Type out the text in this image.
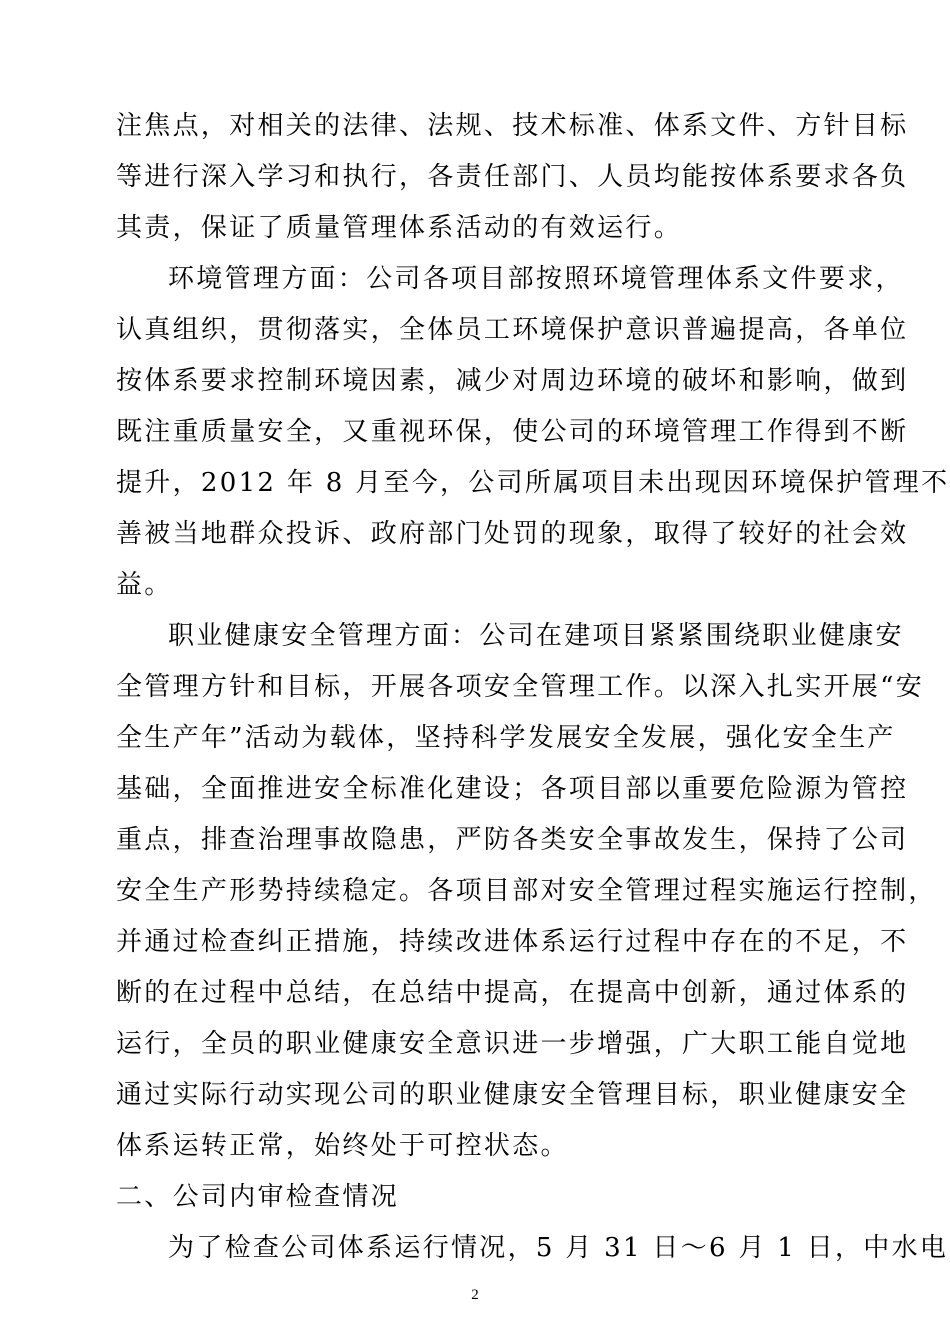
注焦点，对相关的法律、法规、技术标准、体系文件、方针目标
等进行深入学习和执行，各责任部门、人员均能按体系要求各负
其责，保证了质量管理体系活动的有效运行。
环境管理方面：公司各项目部按照环境管理体系文件要求，
认真组织，贯彻落实，全体员工环境保护意识普遍提高，各单位
按体系要求控制环境因素，减少对周边环境的破坏和影响，做到
既注重质量安全，又重视环保，使公司的环境管理工作得到不断
提升，2012 年 8 月至今，公司所属项目未出现因环境保护管理不
善被当地群众投诉、政府部门处罚的现象，取得了较好的社会效
益。
职业健康安全管理方面：公司在建项目紧紧围绕职业健康安
全管理方针和目标，开展各项安全管理工作。以深入扎实开展“安
全生产年”活动为载体，坚持科学发展安全发展，强化安全生产
基础，全面推进安全标准化建设；各项目部以重要危险源为管控
重点，排查治理事故隐患，严防各类安全事故发生，保持了公司
安全生产形势持续稳定。各项目部对安全管理过程实施运行控制，
并通过检查纠正措施，持续改进体系运行过程中存在的不足，不
断的在过程中总结，在总结中提高，在提高中创新，通过体系的
运行，全员的职业健康安全意识进一步增强，广大职工能自觉地
通过实际行动实现公司的职业健康安全管理目标，职业健康安全
体系运转正常，始终处于可控状态。
二、公司内审检查情况
为了检查公司体系运行情况，5 月 31 日～6 月 1 日，中水电
2
